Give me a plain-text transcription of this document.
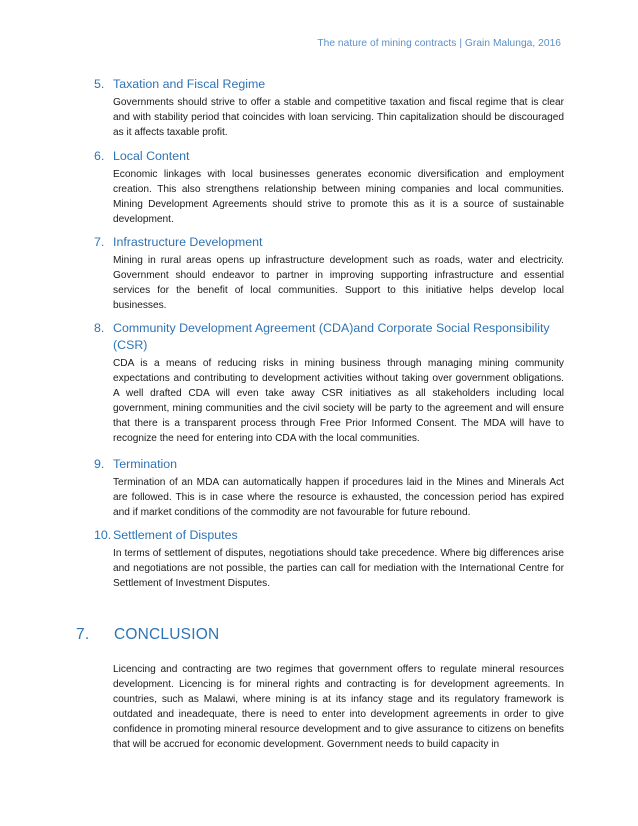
The nature of mining contracts | Grain Malunga, 2016
5. Taxation and Fiscal Regime
Governments should strive to offer a stable and competitive taxation and fiscal regime that is clear and with stability period that coincides with loan servicing. Thin capitalization should be discouraged as it affects taxable profit.
6. Local Content
Economic linkages with local businesses generates economic diversification and employment creation. This also strengthens relationship between mining companies and local communities. Mining Development Agreements should strive to promote this as it is a source of sustainable development.
7. Infrastructure Development
Mining in rural areas opens up infrastructure development such as roads, water and electricity. Government should endeavor to partner in improving supporting infrastructure and essential services for the benefit of local communities. Support to this initiative helps develop local businesses.
8. Community Development Agreement (CDA)and Corporate Social Responsibility (CSR)
CDA is a means of reducing risks in mining business through managing mining community expectations and contributing to development activities without taking over government obligations. A well drafted CDA will even take away CSR initiatives as all stakeholders including local government, mining communities and the civil society will be party to the agreement and will ensure that there is a transparent process through Free Prior Informed Consent. The MDA will have to recognize the need for entering into CDA with the local communities.
9. Termination
Termination of an MDA can automatically happen if procedures laid in the Mines and Minerals Act are followed. This is in case where the resource is exhausted, the concession period has expired and if market conditions of the commodity are not favourable for future rebound.
10. Settlement of Disputes
In terms of settlement of disputes, negotiations should take precedence. Where big differences arise and negotiations are not possible, the parties can call for mediation with the International Centre for Settlement of Investment Disputes.
7.	CONCLUSION
Licencing and contracting are two regimes that government offers to regulate mineral resources development. Licencing is for mineral rights and contracting is for development agreements. In countries, such as Malawi, where mining is at its infancy stage and its regulatory framework is outdated and ineadequate, there is need to enter into development agreements in order to give confidence in promoting mineral resource development and to give assurance to citizens on benefits that will be accrued for economic development. Government needs to build capacity in
